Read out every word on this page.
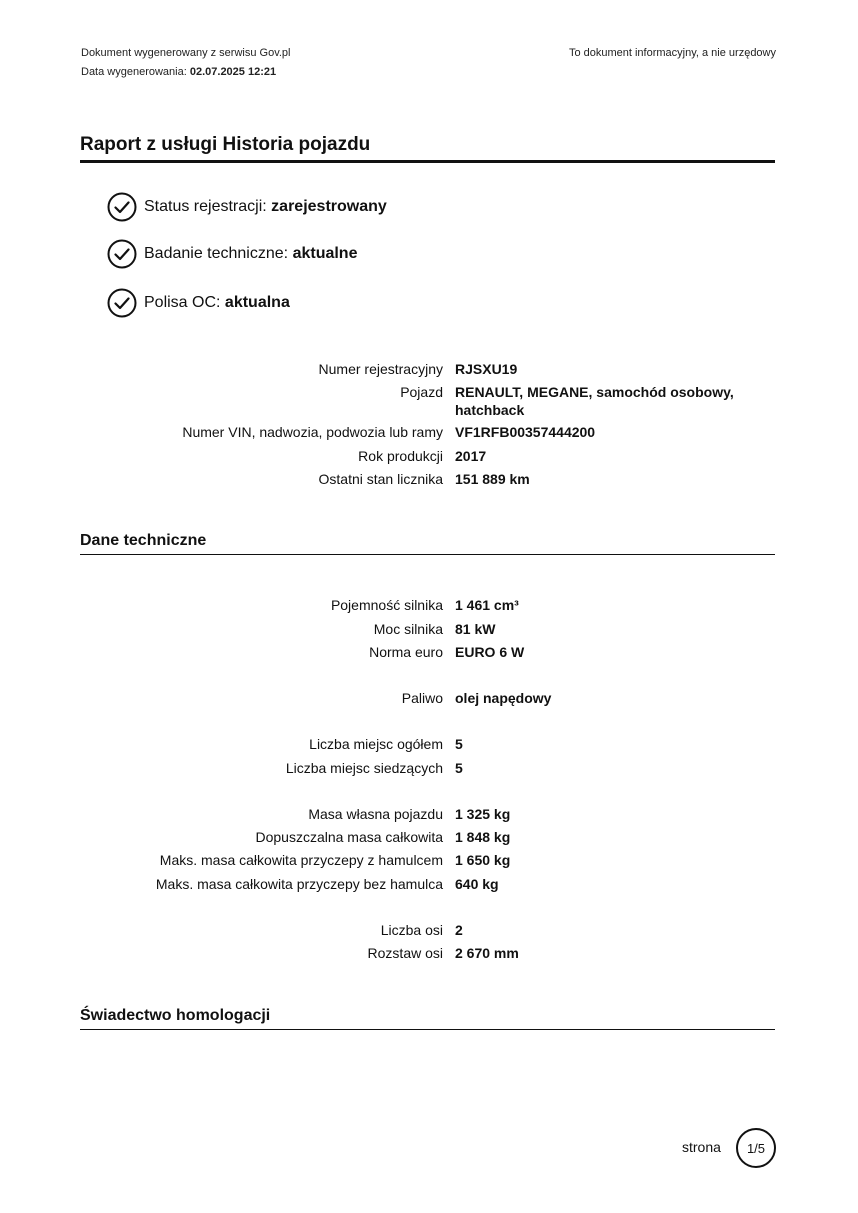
Dokument wygenerowany z serwisu Gov.pl
Data wygenerowania: 02.07.2025 12:21
To dokument informacyjny, a nie urzędowy
Raport z usługi Historia pojazdu
Status rejestracji:
zarejestrowany
Badanie techniczne:
aktualne
Polisa OC:
aktualna
Numer rejestracyjny RJSXU19
Pojazd RENAULT, MEGANE, samochód osobowy, hatchback
Numer VIN, nadwozia, podwozia lub ramy VF1RFB00357444200
Rok produkcji 2017
Ostatni stan licznika 151 889 km
Dane techniczne
Pojemność silnika 1 461 cm³
Moc silnika 81 kW
Norma euro EURO 6 W
Paliwo olej napędowy
Liczba miejsc ogółem 5
Liczba miejsc siedzących 5
Masa własna pojazdu 1 325 kg
Dopuszczalna masa całkowita 1 848 kg
Maks. masa całkowita przyczepy z hamulcem 1 650 kg
Maks. masa całkowita przyczepy bez hamulca 640 kg
Liczba osi 2
Rozstaw osi 2 670 mm
Świadectwo homologacji
strona	1/5
